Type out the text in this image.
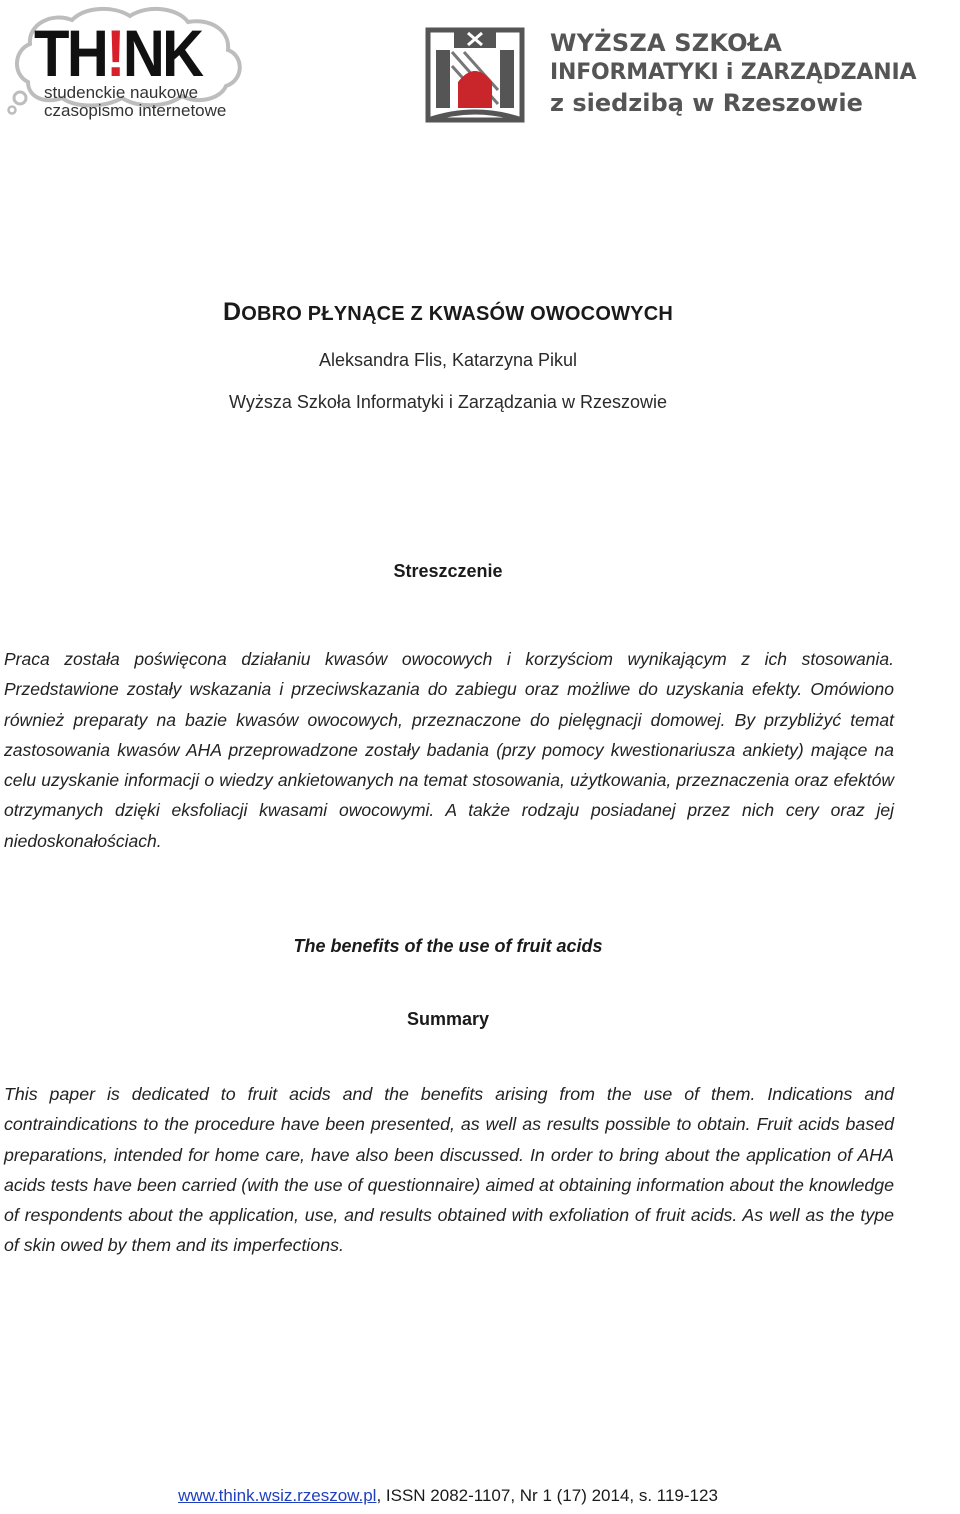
TH!NK
studenckie naukowe
czasopismo internetowe
WYŻSZA SZKOŁA
INFORMATYKI i ZARZĄDZANIA
z siedzibą w Rzeszowie
DOBRO PŁYNĄCE Z KWASÓW OWOCOWYCH
Aleksandra Flis, Katarzyna Pikul
Wyższa Szkoła Informatyki i Zarządzania w Rzeszowie
Streszczenie
Praca została poświęcona działaniu kwasów owocowych i korzyściom wynikającym z ich stosowania. Przedstawione zostały wskazania i przeciwskazania do zabiegu oraz możliwe do uzyskania efekty. Omówiono również preparaty na bazie kwasów owocowych, przeznaczone do pielęgnacji domowej. By przybliżyć temat zastosowania kwasów AHA przeprowadzone zostały badania (przy pomocy kwestionariusza ankiety) mające na celu uzyskanie informacji o wiedzy ankietowanych na temat stosowania, użytkowania, przeznaczenia oraz efektów otrzymanych dzięki eksfoliacji kwasami owocowymi. A także rodzaju posiadanej przez nich cery oraz jej niedoskonałościach.
The benefits of the use of fruit acids
Summary
This paper is dedicated to fruit acids and the benefits arising from the use of them. Indications and contraindications to the procedure have been presented, as well as results possible to obtain. Fruit acids based preparations, intended for home care, have also been discussed. In order to bring about the application of AHA acids tests have been carried (with the use of questionnaire) aimed at obtaining information about the knowledge of respondents about the application, use, and results obtained with exfoliation of fruit acids. As well as the type of skin owed by them and its imperfections.
www.think.wsiz.rzeszow.pl, ISSN 2082-1107, Nr 1 (17) 2014, s. 119-123
